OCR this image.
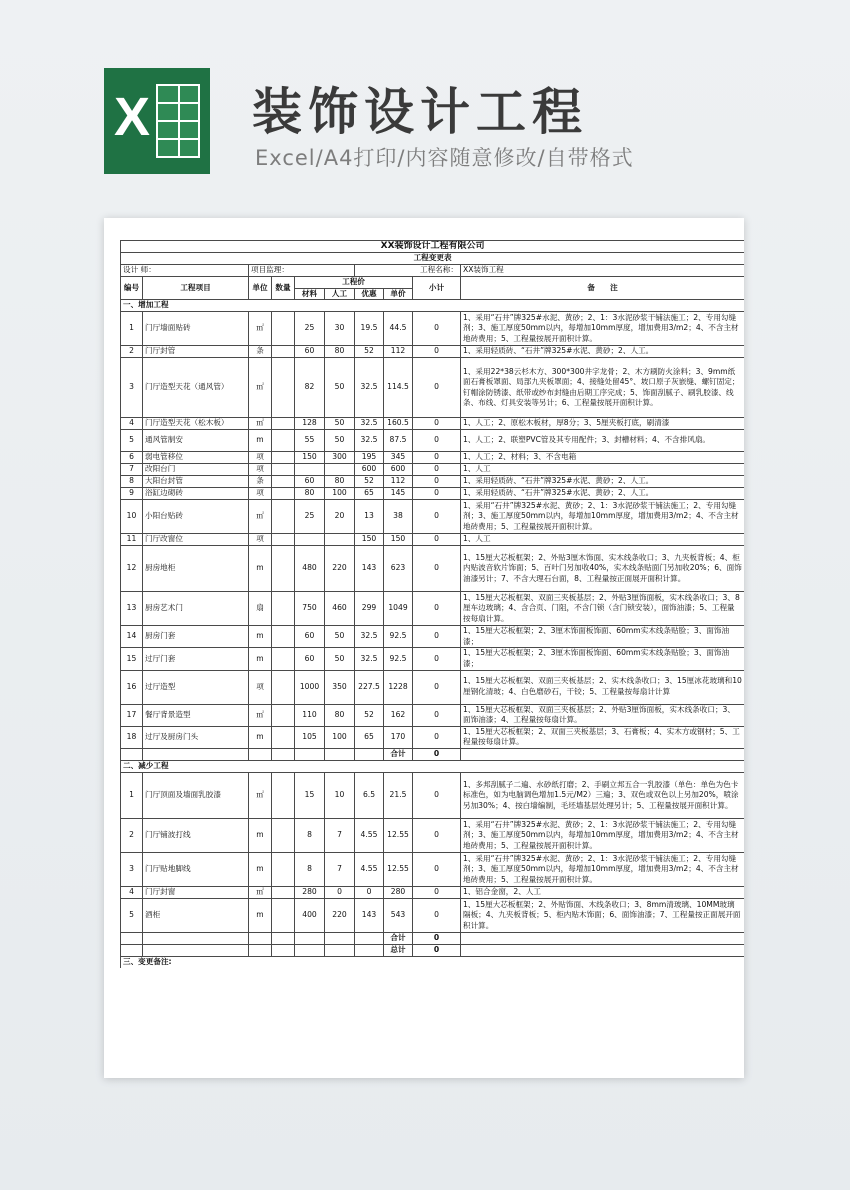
X 装饰设计工程

Excel/A4打印/内容随意修改/自带格式

XX装饰设计工程有限公司									
工程变更表									
设计 师：		项目监理：				工程名称：			XX装饰工程
编号	工程项目	单位	数量	工程价				小计	备　　注
				材料	人工	优惠	单价		
一、增加工程									
1	门厅墙面贴砖	㎡		25	30	19.5	44.5	0	1、采用“石井”牌325#水泥、黄砂；2、1：3水泥砂浆干铺法施工；2、专用勾缝剂；3、施工厚度50mm以内，每增加10mm厚度，增加费用3/m2；4、不含主材地砖费用；5、工程量按展开面积计算。

2	门厅封管	条		60	80	52	112	0	1、采用轻质砖、“石井”牌325#水泥、黄砂；2、人工。

3	门厅造型天花（通风管）	㎡		82	50	32.5	114.5	0	1、采用22*38云杉木方、300*300井字龙骨；2、木方刷防火涂料；3、9mm纸面石膏板罩面、局部九夹板罩面；4、接缝处留45°、坡口原子灰嵌缝、螺钉固定；钉帽涂防锈漆、纸带或纱布封缝由后期工序完成；5、饰面刮腻子、刷乳胶漆、线条、布线、灯具安装等另计；6、工程量按展开面积计算。

4	门厅造型天花（松木板）	㎡		128	50	32.5	160.5	0	1、人工；2、原松木板材，厚8分；3、5厘夹板打底，刷清漆

5	通风管制安	m		55	50	32.5	87.5	0	1、人工；2、联塑PVC管及其专用配件；3、封槽材料；4、不含排风扇。

6	弱电管移位	项		150	300	195	345	0	1、人工；2、材料；3、不含电箱

7	改阳台门	项				600	600	0	1、人工

8	大阳台封管	条		60	80	52	112	0	1、采用轻质砖、“石井”牌325#水泥、黄砂；2、人工。

9	浴缸边砌砖	项		80	100	65	145	0	1、采用轻质砖、“石井”牌325#水泥、黄砂；2、人工。

10	小阳台贴砖	㎡		25	20	13	38	0	1、采用“石井”牌325#水泥、黄砂；2、1：3水泥砂浆干铺法施工；2、专用勾缝剂；3、施工厚度50mm以内，每增加10mm厚度，增加费用3/m2；4、不含主材地砖费用；5、工程量按展开面积计算。

11	门厅改窗位	项				150	150	0	1、人工

12	厨房地柜	m		480	220	143	623	0	1、15厘大芯板框架；2、外贴3厘木饰面、实木线条收口；3、九夹板背板；4、柜内贴波音软片饰面；5、百叶门另加收40%，实木线条贴面门另加收20%；6、面饰油漆另计；7、不含大理石台面，8、工程量按正面展开面积计算。

13	厨房艺术门	扇		750	460	299	1049	0	1、15厘大芯板框架、双面三夹板基层；2、外贴3厘饰面板，实木线条收口；3、8厘车边玻璃；4、含合页、门阻，不含门锁（含门锁安装），面饰油漆；5、工程量按每扇计算。

14	厨房门套	m		60	50	32.5	92.5	0	1、15厘大芯板框架；2、3厘木饰面板饰面、60mm实木线条贴脸；3、面饰油漆；

15	过厅门套	m		60	50	32.5	92.5	0	1、15厘大芯板框架；2、3厘木饰面板饰面、60mm实木线条贴脸；3、面饰油漆；

16	过厅造型	项		1000	350	227.5	1228	0	1、15厘大芯板框架、双面三夹板基层；2、实木线条收口；3、15厘冰花玻璃和10厘钢化清玻；4、白色磨砂石，干铰；5、工程量按每扇计计算

17	餐厅背景造型	㎡		110	80	52	162	0	1、15厘大芯板框架、双面三夹板基层；2、外贴3厘饰面板，实木线条收口；3、面饰油漆；4、工程量按每扇计算。

18	过厅及厨房门头	m		105	100	65	170	0	1、15厘大芯板框架；2、双面三夹板基层；3、石膏板；4、实木方或钢材；5、工程量按每扇计算。

							合计	0	
二、减少工程									
1	门厅顶面及墙面乳胶漆	㎡		15	10	6.5	21.5	0	1、多邦刮腻子二遍、水砂纸打磨；2、手刷立邦五合一乳胶漆（单色：单色为色卡标准色，如为电脑调色增加1.5元/M2）三遍；3、双色或双色以上另加20%，喷涂另加30%；4、按白墙编制，毛坯墙基层处理另计；5、工程量按展开面积计算。

2	门厅铺波打线	m		8	7	4.55	12.55	0	1、采用“石井”牌325#水泥、黄砂；2、1：3水泥砂浆干铺法施工；2、专用勾缝剂；3、施工厚度50mm以内，每增加10mm厚度，增加费用3/m2；4、不含主材地砖费用；5、工程量按展开面积计算。

3	门厅贴地脚线	m		8	7	4.55	12.55	0	1、采用“石井”牌325#水泥、黄砂；2、1：3水泥砂浆干铺法施工；2、专用勾缝剂；3、施工厚度50mm以内，每增加10mm厚度，增加费用3/m2；4、不含主材地砖费用；5、工程量按展开面积计算。

4	门厅封窗	㎡		280	0	0	280	0	1、铝合金窗，2、人工

5	酒柜	m		400	220	143	543	0	1、15厘大芯板框架；2、外贴饰面、木线条收口；3、8mm清玻璃、10MM玻璃隔板；4、九夹板背板；5、柜内贴木饰面；6、面饰油漆；7、工程量按正面展开面积计算。

							合计	0	
							总计	0	
三、变更备注:									
